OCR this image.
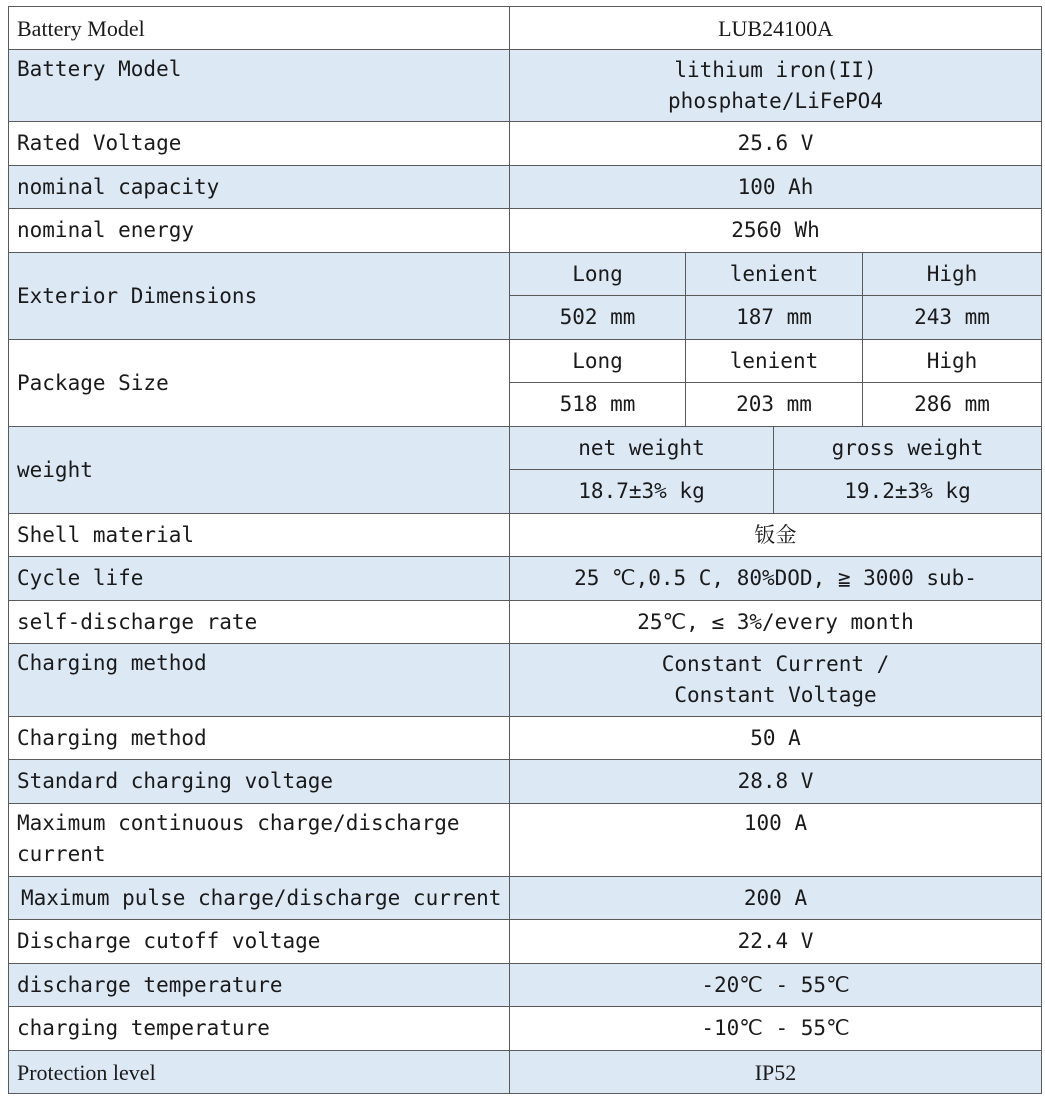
Battery Model	LUB24100A			
Battery Model	lithium iron(II)
phosphate/LiFePO4			

Rated Voltage	25.6 V			
nominal capacity	100 Ah			
nominal energy	2560 Wh			
Exterior Dimensions	Long	lenient		High
	502 mm	187 mm		243 mm
Package Size	Long	lenient		High
	518 mm	203 mm		286 mm
weight	net weight		gross weight	
	18.7±3% kg		19.2±3% kg	
Shell material	钣金			
Cycle life	25 ℃,0.5 C, 80%DOD, ≧ 3000 sub-			
self-discharge rate	25℃, ≤ 3%/every month			
Charging method	Constant Current /
Constant Voltage			

Charging method	50 A			
Standard charging voltage	28.8 V			

Maximum continuous charge/discharge
current	100 A			
Maximum pulse charge/discharge current	200 A			
Discharge cutoff voltage	22.4 V			
discharge temperature	-20℃ - 55℃			
charging temperature	-10℃ - 55℃			
Protection level	IP52			
